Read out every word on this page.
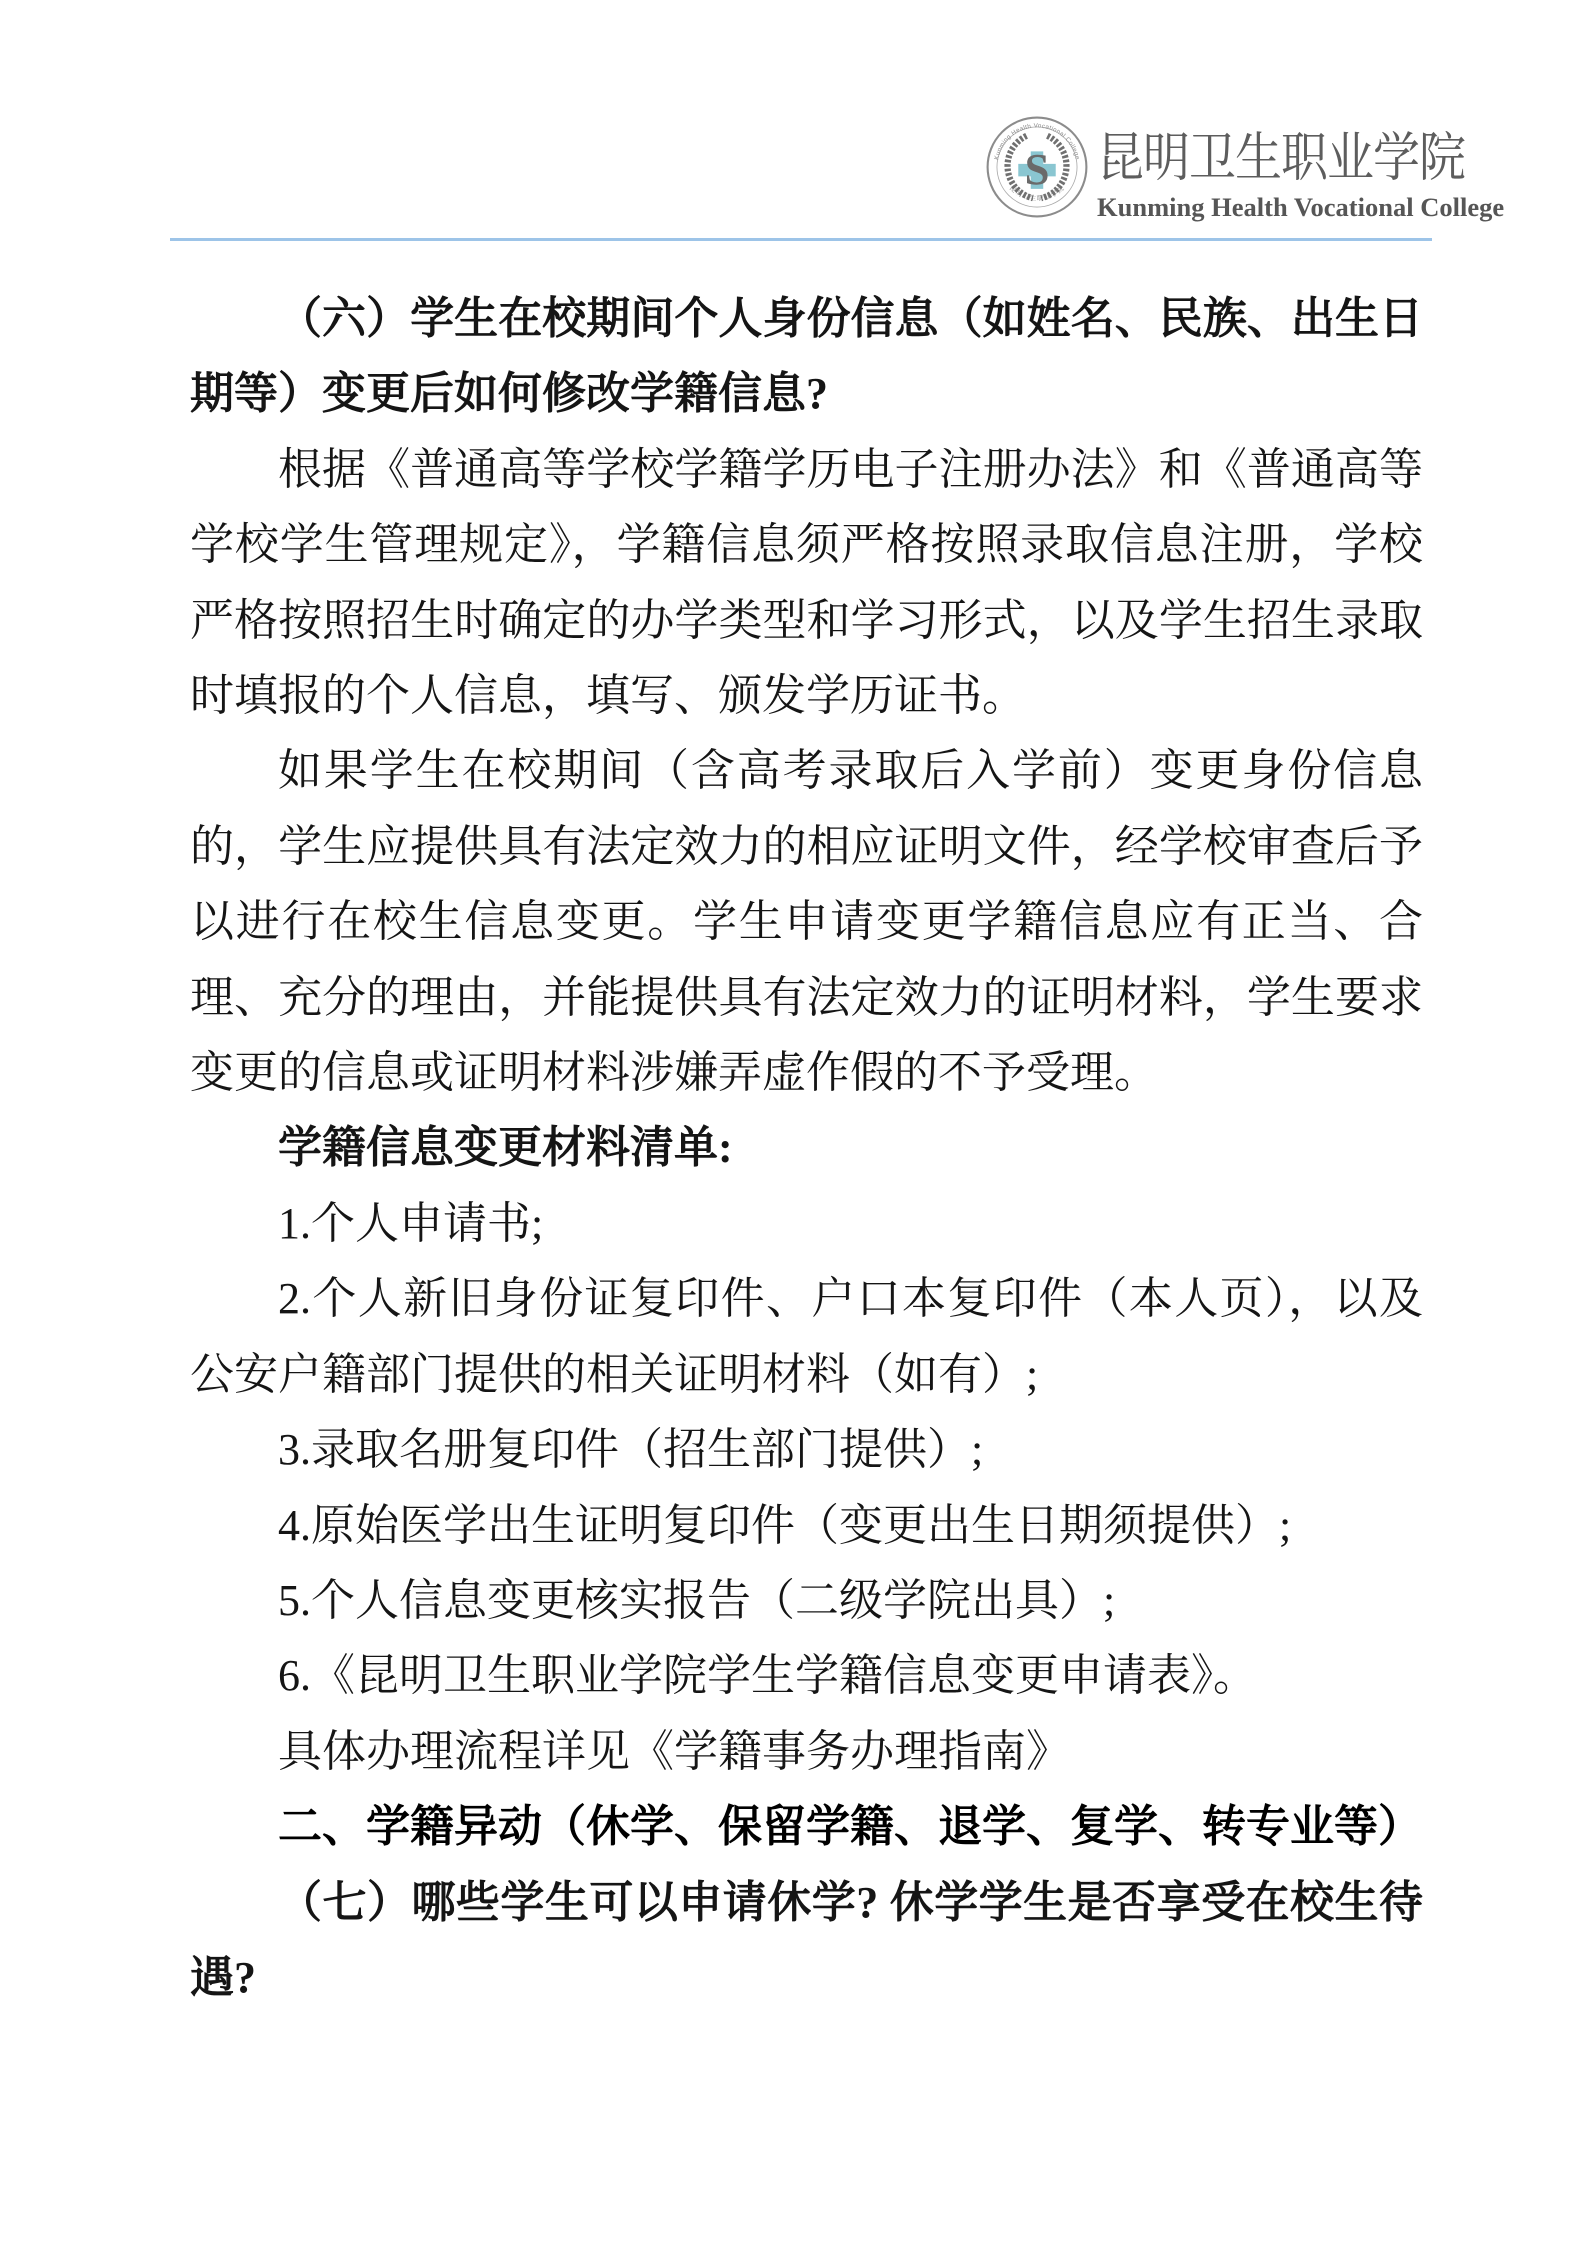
Kunming Health Vocational College
昆明卫生职业学院
S 昆明卫生职业学院
Kunming Health Vocational College

（六）学生在校期间个人身份信息（如姓名、民族、出生日期等）变更后如何修改学籍信息?

根据《普通高等学校学籍学历电子注册办法》和《普通高等学校学生管理规定》，学籍信息须严格按照录取信息注册，学校严格按照招生时确定的办学类型和学习形式，以及学生招生录取时填报的个人信息，填写、颁发学历证书。

如果学生在校期间（含高考录取后入学前）变更身份信息的，学生应提供具有法定效力的相应证明文件，经学校审查后予以进行在校生信息变更。学生申请变更学籍信息应有正当、合理、充分的理由，并能提供具有法定效力的证明材料，学生要求变更的信息或证明材料涉嫌弄虚作假的不予受理。

学籍信息变更材料清单:

1.个人申请书;

2.个人新旧身份证复印件、户口本复印件（本人页），以及公安户籍部门提供的相关证明材料（如有）;

3.录取名册复印件（招生部门提供）;

4.原始医学出生证明复印件（变更出生日期须提供）;

5.个人信息变更核实报告（二级学院出具）;

6.《昆明卫生职业学院学生学籍信息变更申请表》。

具体办理流程详见《学籍事务办理指南》

二、学籍异动（休学、保留学籍、退学、复学、转专业等）

（七）哪些学生可以申请休学? 休学学生是否享受在校生待遇?
